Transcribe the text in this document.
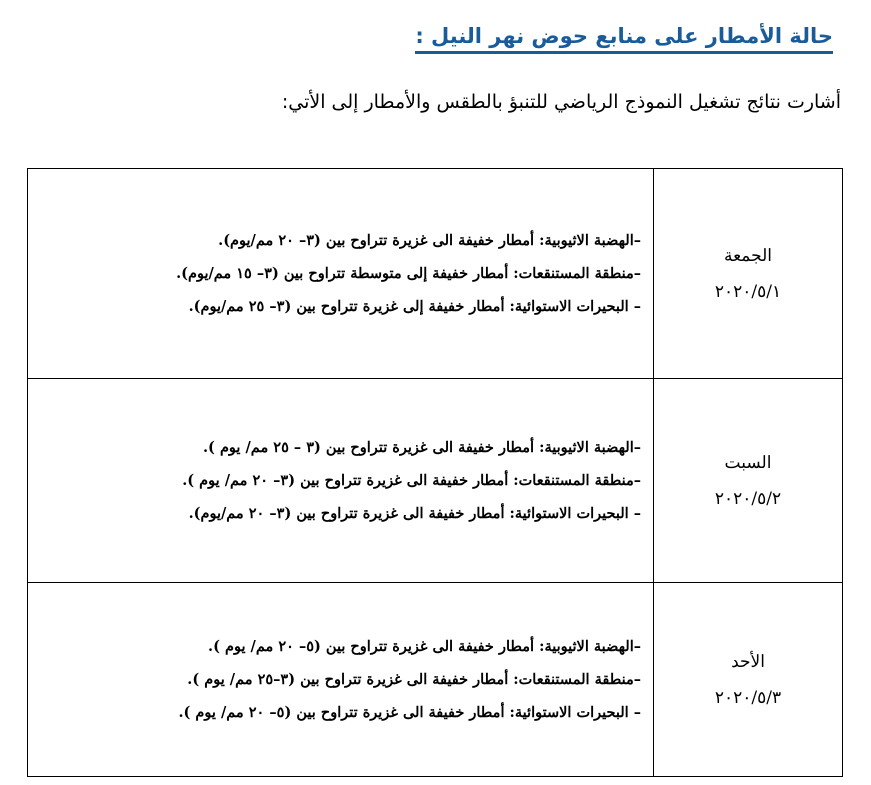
حالة الأمطار على منابع حوض نهر النيل :
أشارت نتائج تشغيل النموذج الرياضي للتنبؤ بالطقس والأمطار إلى الأتي:
الجمعة
٢٠٢٠/٥/١	–الهضبة الاثيوبية: أمطار خفيفة الى غزيرة تتراوح بين (٣– ٢٠ مم/يوم).
–منطقة المستنقعات: أمطار خفيفة إلى متوسطة تتراوح بين (٣– ١٥ مم/يوم).
– البحيرات الاستوائية: أمطار خفيفة إلى غزيرة تتراوح بين (٣– ٢٥ مم/يوم).

السبت
٢٠٢٠/٥/٢	–الهضبة الاثيوبية: أمطار خفيفة الى غزيرة تتراوح بين (٣ – ٢٥ مم/ يوم ).
–منطقة المستنقعات: أمطار خفيفة الى غزيرة تتراوح بين (٣– ٢٠ مم/ يوم ).
– البحيرات الاستوائية: أمطار خفيفة الى غزيرة تتراوح بين (٣– ٢٠ مم/يوم).

الأحد
٢٠٢٠/٥/٣	–الهضبة الاثيوبية: أمطار خفيفة الى غزيرة تتراوح بين (٥– ٢٠ مم/ يوم ).
–منطقة المستنقعات: أمطار خفيفة الى غزيرة تتراوح بين (٣–٢٥ مم/ يوم ).
– البحيرات الاستوائية: أمطار خفيفة الى غزيرة تتراوح بين (٥– ٢٠ مم/ يوم ).
